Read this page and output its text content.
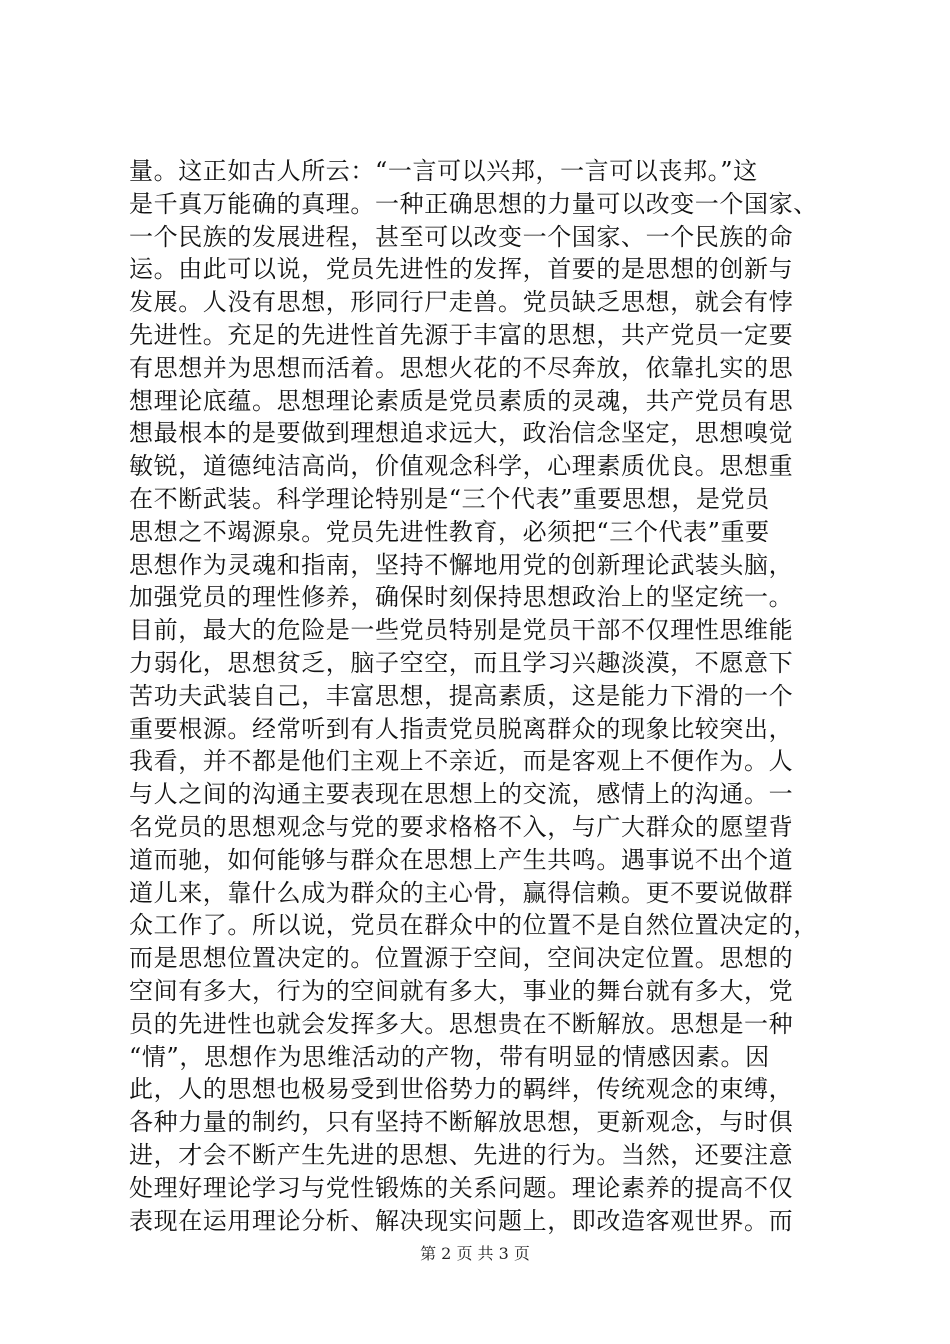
量。这正如古人所云：“一言可以兴邦，一言可以丧邦。”这
是千真万能确的真理。一种正确思想的力量可以改变一个国家、
一个民族的发展进程，甚至可以改变一个国家、一个民族的命
运。由此可以说，党员先进性的发挥，首要的是思想的创新与
发展。人没有思想，形同行尸走兽。党员缺乏思想，就会有悖
先进性。充足的先进性首先源于丰富的思想，共产党员一定要
有思想并为思想而活着。思想火花的不尽奔放，依靠扎实的思
想理论底蕴。思想理论素质是党员素质的灵魂，共产党员有思
想最根本的是要做到理想追求远大，政治信念坚定，思想嗅觉
敏锐，道德纯洁高尚，价值观念科学，心理素质优良。思想重
在不断武装。科学理论特别是“三个代表”重要思想，是党员
思想之不竭源泉。党员先进性教育，必须把“三个代表”重要
思想作为灵魂和指南，坚持不懈地用党的创新理论武装头脑，
加强党员的理性修养，确保时刻保持思想政治上的坚定统一。
目前，最大的危险是一些党员特别是党员干部不仅理性思维能
力弱化，思想贫乏，脑子空空，而且学习兴趣淡漠，不愿意下
苦功夫武装自己，丰富思想，提高素质，这是能力下滑的一个
重要根源。经常听到有人指责党员脱离群众的现象比较突出，
我看，并不都是他们主观上不亲近，而是客观上不便作为。人
与人之间的沟通主要表现在思想上的交流，感情上的沟通。一
名党员的思想观念与党的要求格格不入，与广大群众的愿望背
道而驰，如何能够与群众在思想上产生共鸣。遇事说不出个道
道儿来，靠什么成为群众的主心骨，赢得信赖。更不要说做群
众工作了。所以说，党员在群众中的位置不是自然位置决定的，
而是思想位置决定的。位置源于空间，空间决定位置。思想的
空间有多大，行为的空间就有多大，事业的舞台就有多大，党
员的先进性也就会发挥多大。思想贵在不断解放。思想是一种
“情”，思想作为思维活动的产物，带有明显的情感因素。因
此，人的思想也极易受到世俗势力的羁绊，传统观念的束缚，
各种力量的制约，只有坚持不断解放思想，更新观念，与时俱
进，才会不断产生先进的思想、先进的行为。当然，还要注意
处理好理论学习与党性锻炼的关系问题。理论素养的提高不仅
表现在运用理论分析、解决现实问题上，即改造客观世界。而
第 2 页 共 3 页
